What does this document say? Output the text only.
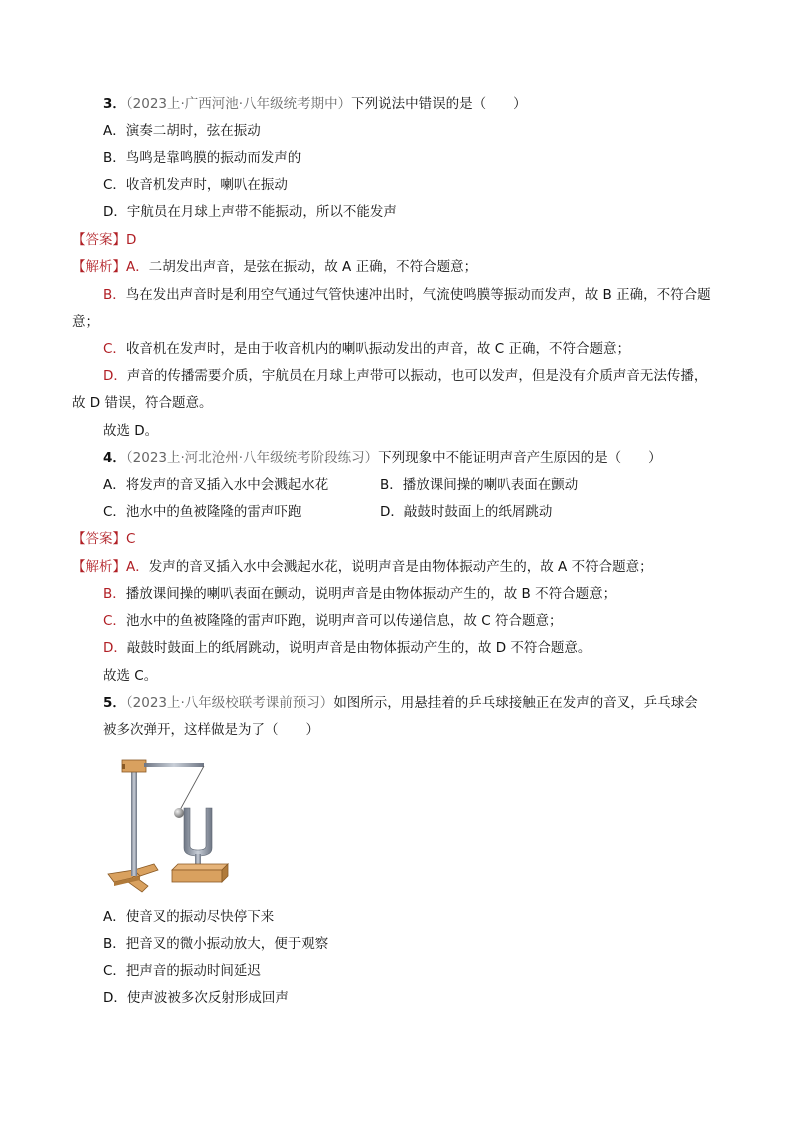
3．（2023上·广西河池·八年级统考期中）下列说法中错误的是（　　）
A．演奏二胡时，弦在振动
B．鸟鸣是靠鸣膜的振动而发声的
C．收音机发声时，喇叭在振动
D．宇航员在月球上声带不能振动，所以不能发声
【答案】D
【解析】A．二胡发出声音，是弦在振动，故 A 正确，不符合题意；
B．鸟在发出声音时是利用空气通过气管快速冲出时，气流使鸣膜等振动而发声，故 B 正确，不符合题
意；
C．收音机在发声时，是由于收音机内的喇叭振动发出的声音，故 C 正确，不符合题意；
D．声音的传播需要介质，宇航员在月球上声带可以振动，也可以发声，但是没有介质声音无法传播，
故 D 错误，符合题意。
故选 D。
4．（2023上·河北沧州·八年级统考阶段练习）下列现象中不能证明声音产生原因的是（　　）
A．将发声的音叉插入水中会溅起水花	B．播放课间操的喇叭表面在颤动
C．池水中的鱼被隆隆的雷声吓跑	D．敲鼓时鼓面上的纸屑跳动
【答案】C
【解析】A．发声的音叉插入水中会溅起水花，说明声音是由物体振动产生的，故 A 不符合题意；
B．播放课间操的喇叭表面在颤动，说明声音是由物体振动产生的，故 B 不符合题意；
C．池水中的鱼被隆隆的雷声吓跑，说明声音可以传递信息，故 C 符合题意；
D．敲鼓时鼓面上的纸屑跳动，说明声音是由物体振动产生的，故 D 不符合题意。
故选 C。
5．（2023上·八年级校联考课前预习）如图所示，用悬挂着的乒乓球接触正在发声的音叉，乒乓球会
被多次弹开，这样做是为了（　　）
A．使音叉的振动尽快停下来
B．把音叉的微小振动放大，便于观察
C．把声音的振动时间延迟
D．使声波被多次反射形成回声
